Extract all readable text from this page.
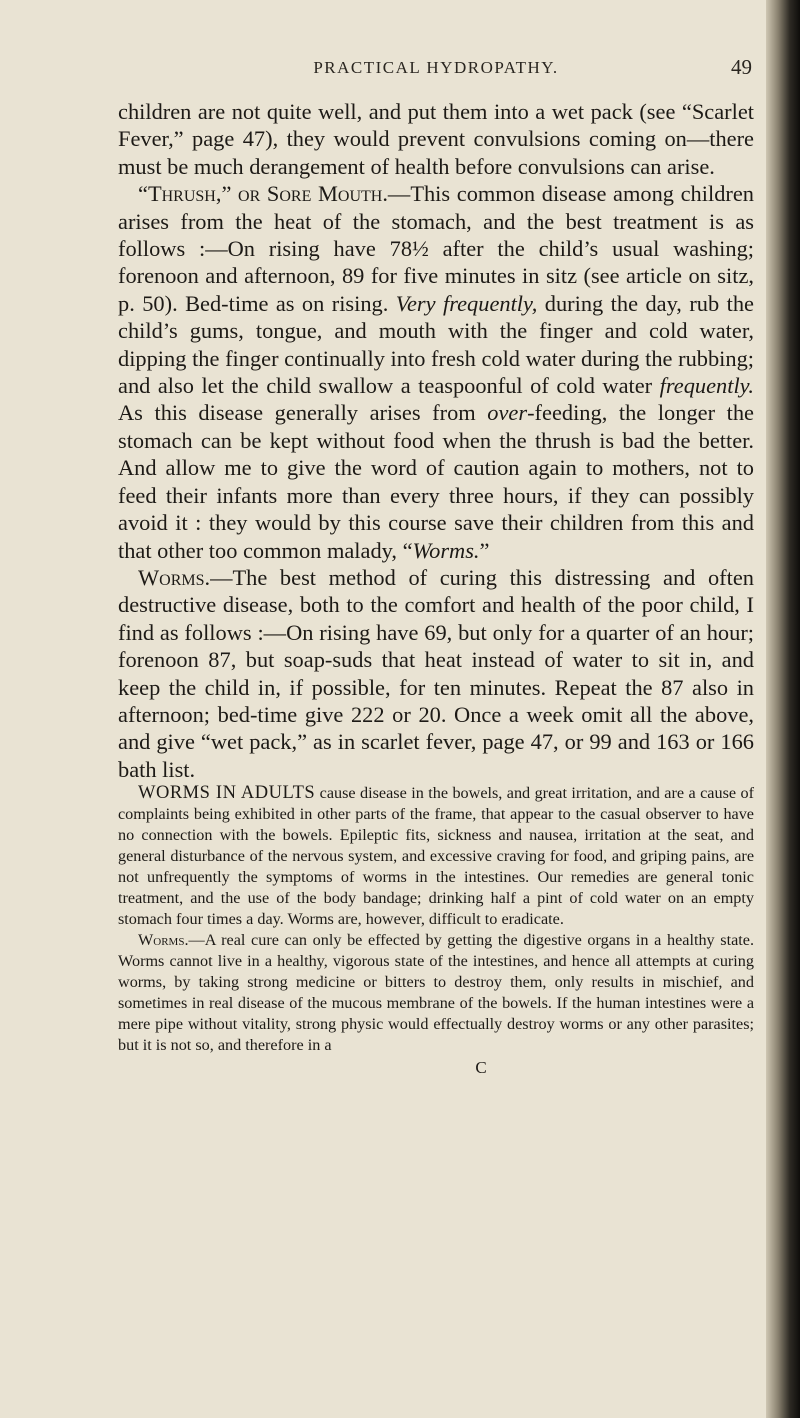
PRACTICAL HYDROPATHY.	49

children are not quite well, and put them into a wet pack (see “Scarlet Fever,” page 47), they would prevent convulsions coming on—there must be much derangement of health before convulsions can arise.

“Thrush,” or Sore Mouth.—This common disease among children arises from the heat of the stomach, and the best treatment is as follows :—On rising have 78½ after the child’s usual washing; forenoon and afternoon, 89 for five minutes in sitz (see article on sitz, p. 50). Bed-time as on rising. Very frequently, during the day, rub the child’s gums, tongue, and mouth with the finger and cold water, dipping the finger continually into fresh cold water during the rubbing; and also let the child swallow a teaspoonful of cold water frequently. As this disease generally arises from over-feeding, the longer the stomach can be kept without food when the thrush is bad the better. And allow me to give the word of caution again to mothers, not to feed their infants more than every three hours, if they can possibly avoid it : they would by this course save their children from this and that other too common malady, “Worms.”

Worms.—The best method of curing this distressing and often destructive disease, both to the comfort and health of the poor child, I find as follows :—On rising have 69, but only for a quarter of an hour; forenoon 87, but soap-suds that heat instead of water to sit in, and keep the child in, if possible, for ten minutes. Repeat the 87 also in afternoon; bed-time give 222 or 20. Once a week omit all the above, and give “wet pack,” as in scarlet fever, page 47, or 99 and 163 or 166 bath list.

WORMS IN ADULTS cause disease in the bowels, and great irritation, and are a cause of complaints being exhibited in other parts of the frame, that appear to the casual observer to have no connection with the bowels. Epileptic fits, sickness and nausea, irritation at the seat, and general disturbance of the nervous system, and excessive craving for food, and griping pains, are not unfrequently the symptoms of worms in the intestines. Our remedies are general tonic treatment, and the use of the body bandage; drinking half a pint of cold water on an empty stomach four times a day. Worms are, however, difficult to eradicate.

Worms.—A real cure can only be effected by getting the digestive organs in a healthy state. Worms cannot live in a healthy, vigorous state of the intestines, and hence all attempts at curing worms, by taking strong medicine or bitters to destroy them, only results in mischief, and sometimes in real disease of the mucous membrane of the bowels. If the human intestines were a mere pipe without vitality, strong physic would effectually destroy worms or any other parasites; but it is not so, and therefore in a

C
